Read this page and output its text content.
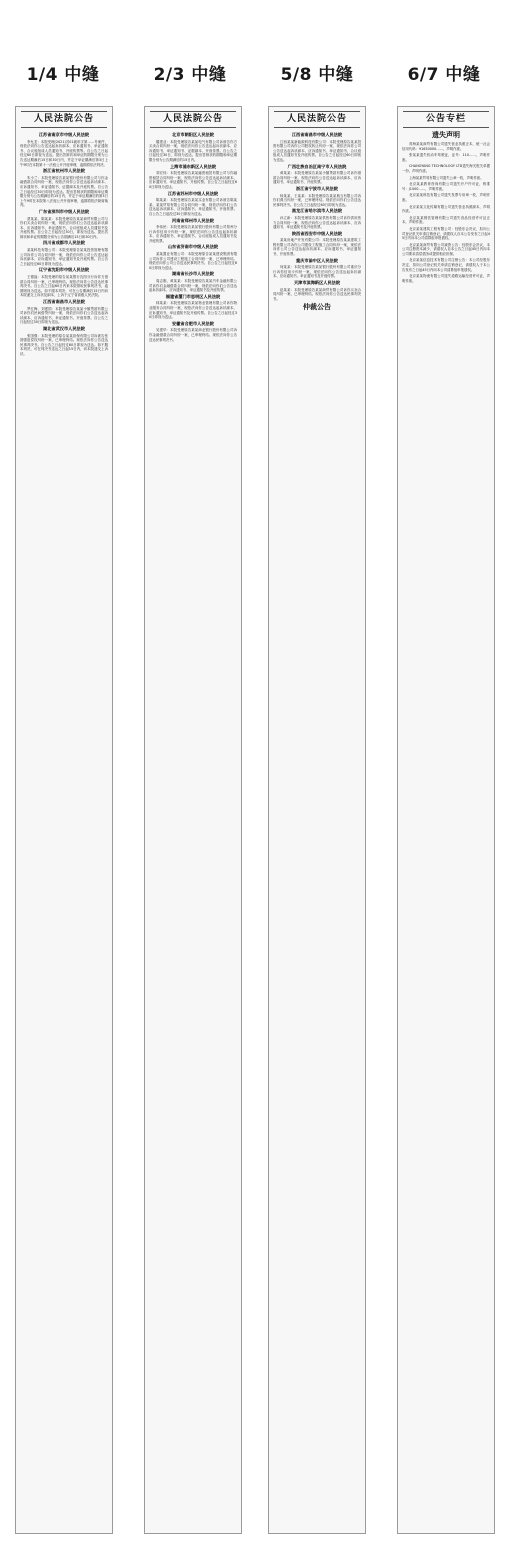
1/4 中缝	2/3 中缝	5/8 中缝	6/7 中缝
人民法院公告
江苏省南京市中级人民法院
李允龙：本院受理(2021)苏01破申字第……号案件，现依法向你公告送达起诉状副本、应诉通知书、举证通知书、合议庭组成人员通知书、开庭传票等。自公告之日起经过60日即视为送达。提出答辩状和举证的期限分别为公告送达期满后15日和30日内，并定于举证期满后第3日上午9时在本院第十一法庭公开开庭审理，逾期将依法判决。
浙江省杭州市人民法院
朱小兰：本院受理原告某某银行股份有限公司与你金融借款合同纠纷一案，现依法向你公告送达起诉状副本、应诉通知书、举证通知书、证据副本及开庭传票。自公告之日起经过30日即视为送达。提出答辩状的期限和举证期限分别为公告期满后的15日内，并定于举证期满后的第3日上午9时在本院第八法庭公开开庭审理，逾期将依法缺席裁判。
广东省深圳市中级人民法院
蔡某某、陈某某：本院受理原告某某商贸有限公司与你们买卖合同纠纷一案，现依法向你们公告送达起诉状副本、应诉通知书、举证通知书、合议庭组成人员通知书及开庭传票。自公告之日起经过30日，即视为送达。提出答辩状和举证的期限分别为公告期满后15日和30日内。
四川省成都市人民法院
某某科技有限公司：本院受理原告某某投资管理有限公司诉你公司合同纠纷一案，现依法向你公司公告送达起诉状副本、应诉通知书、举证通知书及开庭传票。自公告之日起经过60日即视为送达。
辽宁省沈阳市中级人民法院
王德福：本院受理的原告某某银行沈阳分行诉你方借款合同纠纷一案，已审理终结。现依法向你公告送达民事判决书。自公告之日起60日内来本院领取民事判决书，逾期则视为送达。如不服本判决，可在公告期满后15日内向本院递交上诉状及副本，上诉于辽宁省高级人民法院。
江西省南昌市人民法院
罗红梅、刘建国：本院受理原告某某小额贷款有限公司诉你们民间借贷纠纷一案，现依法向你们公告送达起诉状副本、应诉通知书、举证通知书、开庭传票。自公告之日起经过30日即视为送达。
湖北省武汉市人民法院
张国强：本院受理的原告某某担保有限公司诉被告张国强追偿权纠纷一案，已审理终结。现依法向你公告送达民事判决书。自公告之日起经过60日即视为送达。如不服本判决，可在判决书送达之日起15日内，向本院递交上诉状。
人民法院公告
北京市朝阳区人民法院
滕建业：本院受理原告某某电气有限公司诉被告你方买卖合同纠纷一案，现依法向你公告送达起诉状副本、应诉通知书、举证通知书、证据副本、开庭传票。自公告之日起经过30日，即视为送达。提出答辩状的期限和举证期限分别为公告期满后的15日内。
上海市浦东新区人民法院
刘宏伟：本院受理原告某某融资租赁有限公司与你融资租赁合同纠纷一案，现依法向你公告送达起诉状副本、应诉通知书、举证通知书、开庭传票。自公告之日起经过60日即视为送达。
江苏省苏州市中级人民法院
陈某某：本院受理原告某某实业有限公司诉被告陈某某、某某贸易有限公司合同纠纷一案，现依法向你们公告送达起诉状副本、应诉通知书、举证通知书、开庭传票。自公告之日起经过30日即视为送达。
河南省郑州市人民法院
李伟民：本院受理原告某某银行股份有限公司郑州分行诉你信用卡纠纷一案，现依法向你公告送达起诉状副本、应诉通知书、举证通知书、合议庭组成人员通知书及开庭传票。
山东省济南市中级人民法院
某某置业有限公司：本院受理原告某某建设集团有限公司诉你公司建设工程施工合同纠纷一案，已审理终结。现依法向你公司公告送达民事判决书。自公告之日起经过60日即视为送达。
湖南省长沙市人民法院
周志刚、黄某某：本院受理原告某某汽车金融有限公司诉你们金融借款合同纠纷一案，现依法向你们公告送达起诉状副本、应诉通知书、举证通知书及开庭传票。
福建省厦门市思明区人民法院
林某某：本院受理原告某某物业管理有限公司诉你物业服务合同纠纷一案，现依法向你公告送达起诉状副本、应诉通知书、举证通知书及开庭传票。自公告之日起经过30日即视为送达。
安徽省合肥市人民法院
吴建华：本院受理原告某某商业银行股份有限公司诉你金融借款合同纠纷一案，已审理终结。现依法向你公告送达民事判决书。
人民法院公告
江西省南昌市中级人民法院
江西某某新能源科技有限公司：本院受理原告某某投资有限公司诉你公司股权转让纠纷一案，现依法向你公司公告送达起诉状副本、应诉通知书、举证通知书、合议庭组成人员通知书及开庭传票。自公告之日起经过60日即视为送达。
广西壮族自治区南宁市人民法院
黄某某：本院受理原告某某小额贷款有限公司诉你借款合同纠纷一案，现依法向你公告送达起诉状副本、应诉通知书、举证通知书、开庭传票。
浙江省宁波市人民法院
杨某某、王某某：本院受理原告某某典当有限公司诉你们典当纠纷一案，已审理终结。现依法向你们公告送达民事判决书。自公告之日起经过60日即视为送达。
黑龙江省哈尔滨市人民法院
孙立新：本院受理原告某某供热有限公司诉你供用热力合同纠纷一案，现依法向你公告送达起诉状副本、应诉通知书、举证通知书及开庭传票。
陕西省西安市中级人民法院
某某房地产开发有限公司：本院受理原告某某建筑工程有限公司诉你公司建设工程施工合同纠纷一案，现依法向你公司公告送达起诉状副本、应诉通知书、举证通知书、开庭传票。
重庆市渝中区人民法院
何某某：本院受理原告某某银行股份有限公司重庆分行诉你信用卡纠纷一案，现依法向你公告送达起诉状副本、应诉通知书、举证通知书及开庭传票。
天津市滨海新区人民法院
赵某某：本院受理原告某某商贸有限公司诉你买卖合同纠纷一案，已审理终结。现依法向你公告送达民事判决书。
仲裁公告
公告专栏
遗失声明
青海某某商贸有限公司遗失营业执照正本，统一社会信用代码：91630000……，声明作废。
张某某遗失机动车驾驶证，证号：110……，声明作废。
CHANGYANG TECHNOLOGY LTD遗失海关报关单据一份，声明作废。
上海某某贸易有限公司遗失公章一枚，声明作废。
北京某某教育咨询有限公司遗失开户许可证，核准号：J1000……，声明作废。
北京某某科技有限公司遗失发票专用章一枚，声明作废。
北京某某文化传媒有限公司遗失营业执照副本，声明作废。
北京某某餐饮管理有限公司遗失食品经营许可证正本，声明作废。
北京某某建筑工程有限公司：经股东会决议，拟向公司登记机关申请注销登记，请债权人自本公告发布之日起45日内向本公司清算组申报债权。
北京某某商贸有限公司减资公告：经股东会决议，本公司注册资本减少，请债权人自本公告之日起45日内向本公司要求清偿债务或提供相应担保。
北京某某信息技术有限公司注销公告：本公司经股东决定，拟向公司登记机关申请注销登记，请债权人于本公告发布之日起45日内向本公司清算组申报债权。
北京某某物流有限公司遗失道路运输经营许可证，声明作废。
